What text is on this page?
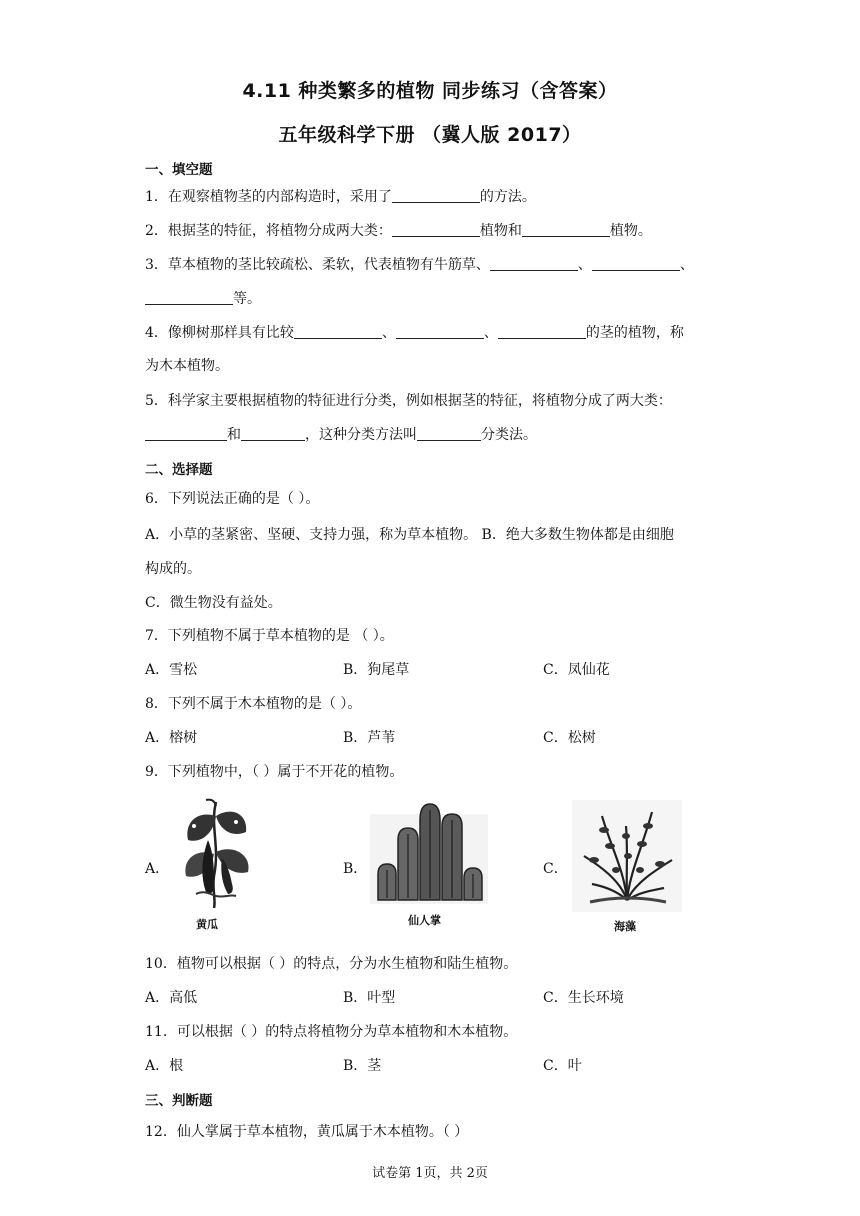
4.11 种类繁多的植物 同步练习（含答案）
五年级科学下册 （冀人版 2017）
一、填空题
1．在观察植物茎的内部构造时，采用了	的方法。
2．根据茎的特征，将植物分成两大类：	植物和	植物。
3．草本植物的茎比较疏松、柔软，代表植物有牛筋草、	、	、
等。
4．像柳树那样具有比较	、	、	的茎的植物，称
为木本植物。
5．科学家主要根据植物的特征进行分类，例如根据茎的特征，将植物分成了两大类：
和	，这种分类方法叫	分类法。
二、选择题
6．下列说法正确的是（ ）。
A．小草的茎紧密、坚硬、支持力强，称为草本植物。 B．绝大多数生物体都是由细胞
构成的。
C．微生物没有益处。
7．下列植物不属于草本植物的是 （ ）。
A．雪松	B．狗尾草	C．凤仙花
8．下列不属于木本植物的是（ ）。
A．榕树	B．芦苇	C．松树
9．下列植物中，（ ）属于不开花的植物。
A．	B．	C．
黄瓜	仙人掌	海藻
10．植物可以根据（ ）的特点，分为水生植物和陆生植物。
A．高低	B．叶型	C．生长环境
11．可以根据（ ）的特点将植物分为草本植物和木本植物。
A．根	B．茎	C．叶
三、判断题
12．仙人掌属于草本植物，黄瓜属于木本植物。（ ）
试卷第 1页，共 2页
